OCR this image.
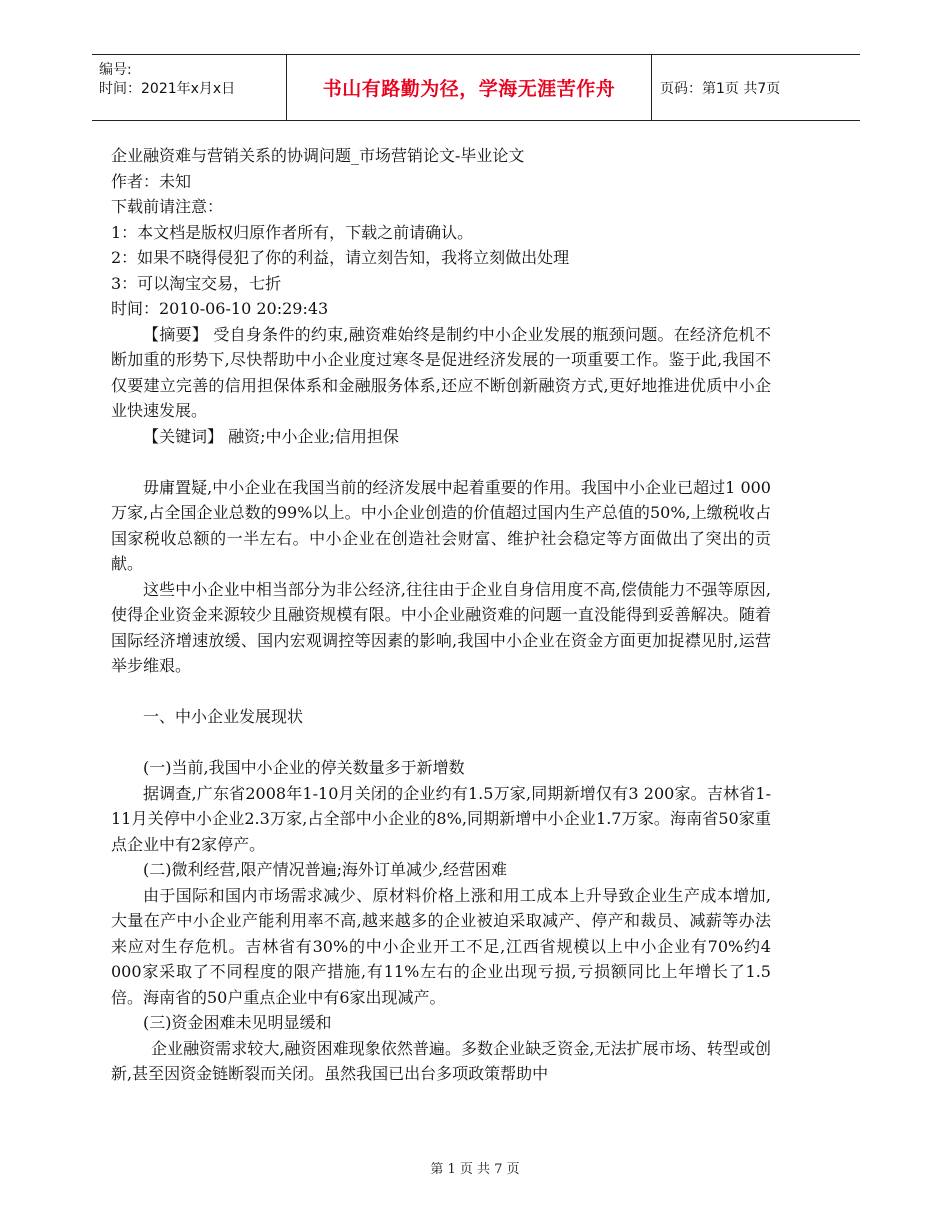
编号:
时间：2021年x月x日	书山有路勤为径，学海无涯苦作舟	页码：第1页 共7页
企业融资难与营销关系的协调问题_市场营销论文-毕业论文
作者：未知
下载前请注意：
1：本文档是版权归原作者所有，下载之前请确认。
2：如果不晓得侵犯了你的利益，请立刻告知，我将立刻做出处理
3：可以淘宝交易，七折
时间：2010-06-10 20:29:43
【摘要】 受自身条件的约束,融资难始终是制约中小企业发展的瓶颈问题。在经济危机不断加重的形势下,尽快帮助中小企业度过寒冬是促进经济发展的一项重要工作。鉴于此,我国不仅要建立完善的信用担保体系和金融服务体系,还应不断创新融资方式,更好地推进优质中小企业快速发展。
【关键词】 融资;中小企业;信用担保
毋庸置疑,中小企业在我国当前的经济发展中起着重要的作用。我国中小企业已超过1 000万家,占全国企业总数的99%以上。中小企业创造的价值超过国内生产总值的50%,上缴税收占国家税收总额的一半左右。中小企业在创造社会财富、维护社会稳定等方面做出了突出的贡献。
这些中小企业中相当部分为非公经济,往往由于企业自身信用度不高,偿债能力不强等原因,使得企业资金来源较少且融资规模有限。中小企业融资难的问题一直没能得到妥善解决。随着国际经济增速放缓、国内宏观调控等因素的影响,我国中小企业在资金方面更加捉襟见肘,运营举步维艰。
一、中小企业发展现状
(一)当前,我国中小企业的停关数量多于新增数
据调查,广东省2008年1-10月关闭的企业约有1.5万家,同期新增仅有3 200家。吉林省1-11月关停中小企业2.3万家,占全部中小企业的8%,同期新增中小企业1.7万家。海南省50家重点企业中有2家停产。
(二)微利经营,限产情况普遍;海外订单减少,经营困难
由于国际和国内市场需求减少、原材料价格上涨和用工成本上升导致企业生产成本增加,大量在产中小企业产能利用率不高,越来越多的企业被迫采取减产、停产和裁员、减薪等办法来应对生存危机。吉林省有30%的中小企业开工不足,江西省规模以上中小企业有70%约4 000家采取了不同程度的限产措施,有11%左右的企业出现亏损,亏损额同比上年增长了1.5倍。海南省的50户重点企业中有6家出现减产。
(三)资金困难未见明显缓和
企业融资需求较大,融资困难现象依然普遍。多数企业缺乏资金,无法扩展市场、转型或创新,甚至因资金链断裂而关闭。虽然我国已出台多项政策帮助中
第 1 页 共 7 页
